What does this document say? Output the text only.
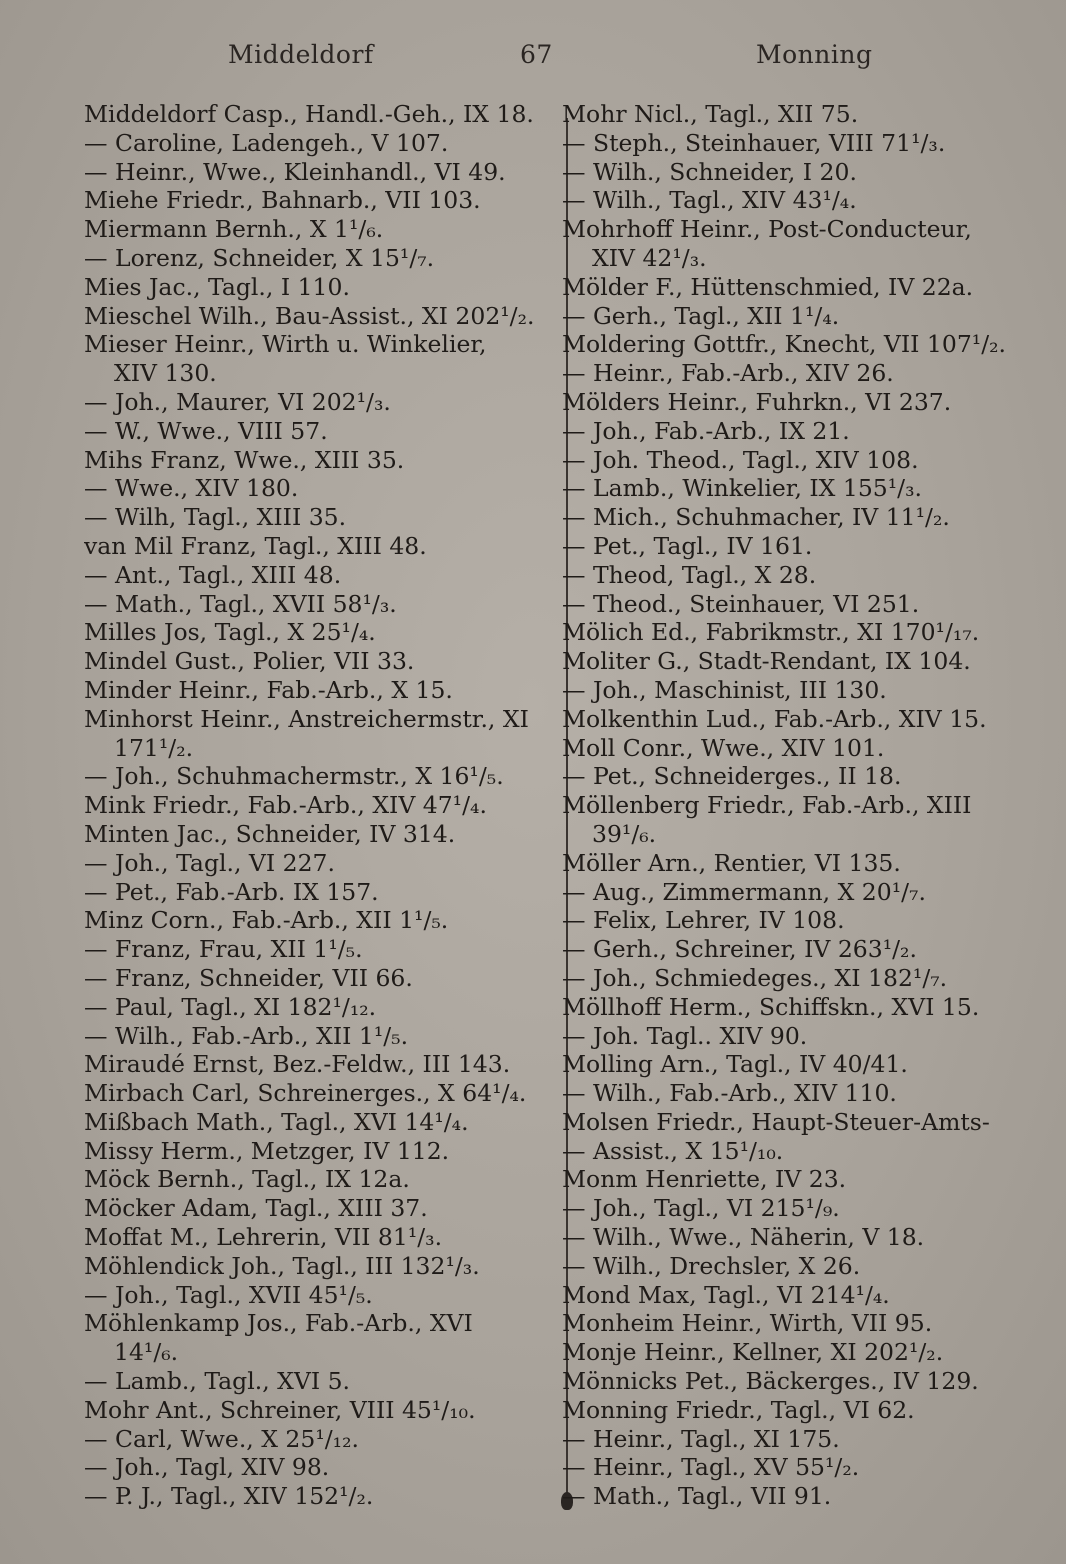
Middeldorf	67	Monning
Middeldorf Casp., Handl.-Geh., IX 18.
— Caroline, Ladengeh., V 107.
— Heinr., Wwe., Kleinhandl., VI 49.
Miehe Friedr., Bahnarb., VII 103.
Miermann Bernh., X 1¹/₆.
— Lorenz, Schneider, X 15¹/₇.
Mies Jac., Tagl., I 110.
Mieschel Wilh., Bau-Assist., XI 202¹/₂.
Mieser Heinr., Wirth u. Winkelier,
XIV 130.
— Joh., Maurer, VI 202¹/₃.
— W., Wwe., VIII 57.
Mihs Franz, Wwe., XIII 35.
— Wwe., XIV 180.
— Wilh, Tagl., XIII 35.
van Mil Franz, Tagl., XIII 48.
— Ant., Tagl., XIII 48.
— Math., Tagl., XVII 58¹/₃.
Milles Jos, Tagl., X 25¹/₄.
Mindel Gust., Polier, VII 33.
Minder Heinr., Fab.-Arb., X 15.
Minhorst Heinr., Anstreichermstr., XI
171¹/₂.
— Joh., Schuhmachermstr., X 16¹/₅.
Mink Friedr., Fab.-Arb., XIV 47¹/₄.
Minten Jac., Schneider, IV 314.
— Joh., Tagl., VI 227.
— Pet., Fab.-Arb. IX 157.
Minz Corn., Fab.-Arb., XII 1¹/₅.
— Franz, Frau, XII 1¹/₅.
— Franz, Schneider, VII 66.
— Paul, Tagl., XI 182¹/₁₂.
— Wilh., Fab.-Arb., XII 1¹/₅.
Miraudé Ernst, Bez.-Feldw., III 143.
Mirbach Carl, Schreinerges., X 64¹/₄.
Mißbach Math., Tagl., XVI 14¹/₄.
Missy Herm., Metzger, IV 112.
Möck Bernh., Tagl., IX 12a.
Möcker Adam, Tagl., XIII 37.
Moffat M., Lehrerin, VII 81¹/₃.
Möhlendick Joh., Tagl., III 132¹/₃.
— Joh., Tagl., XVII 45¹/₅.
Möhlenkamp Jos., Fab.-Arb., XVI
14¹/₆.
— Lamb., Tagl., XVI 5.
Mohr Ant., Schreiner, VIII 45¹/₁₀.
— Carl, Wwe., X 25¹/₁₂.
— Joh., Tagl, XIV 98.
— P. J., Tagl., XIV 152¹/₂.
Mohr Nicl., Tagl., XII 75.
— Steph., Steinhauer, VIII 71¹/₃.
— Wilh., Schneider, I 20.
— Wilh., Tagl., XIV 43¹/₄.
Mohrhoff Heinr., Post-Conducteur,
XIV 42¹/₃.
Mölder F., Hüttenschmied, IV 22a.
— Gerh., Tagl., XII 1¹/₄.
Moldering Gottfr., Knecht, VII 107¹/₂.
— Heinr., Fab.-Arb., XIV 26.
Mölders Heinr., Fuhrkn., VI 237.
— Joh., Fab.-Arb., IX 21.
— Joh. Theod., Tagl., XIV 108.
— Lamb., Winkelier, IX 155¹/₃.
— Mich., Schuhmacher, IV 11¹/₂.
— Pet., Tagl., IV 161.
— Theod, Tagl., X 28.
— Theod., Steinhauer, VI 251.
Mölich Ed., Fabrikmstr., XI 170¹/₁₇.
Moliter G., Stadt-Rendant, IX 104.
— Joh., Maschinist, III 130.
Molkenthin Lud., Fab.-Arb., XIV 15.
Moll Conr., Wwe., XIV 101.
— Pet., Schneiderges., II 18.
Möllenberg Friedr., Fab.-Arb., XIII
39¹/₆.
Möller Arn., Rentier, VI 135.
— Aug., Zimmermann, X 20¹/₇.
— Felix, Lehrer, IV 108.
— Gerh., Schreiner, IV 263¹/₂.
— Joh., Schmiedeges., XI 182¹/₇.
Möllhoff Herm., Schiffskn., XVI 15.
— Joh. Tagl.. XIV 90.
Molling Arn., Tagl., IV 40/41.
— Wilh., Fab.-Arb., XIV 110.
Molsen Friedr., Haupt-Steuer-Amts-
— Assist., X 15¹/₁₀.
Monm Henriette, IV 23.
— Joh., Tagl., VI 215¹/₉.
— Wilh., Wwe., Näherin, V 18.
— Wilh., Drechsler, X 26.
Mond Max, Tagl., VI 214¹/₄.
Monheim Heinr., Wirth, VII 95.
Monje Heinr., Kellner, XI 202¹/₂.
Mönnicks Pet., Bäckerges., IV 129.
Monning Friedr., Tagl., VI 62.
— Heinr., Tagl., XI 175.
— Heinr., Tagl., XV 55¹/₂.
— Math., Tagl., VII 91.
